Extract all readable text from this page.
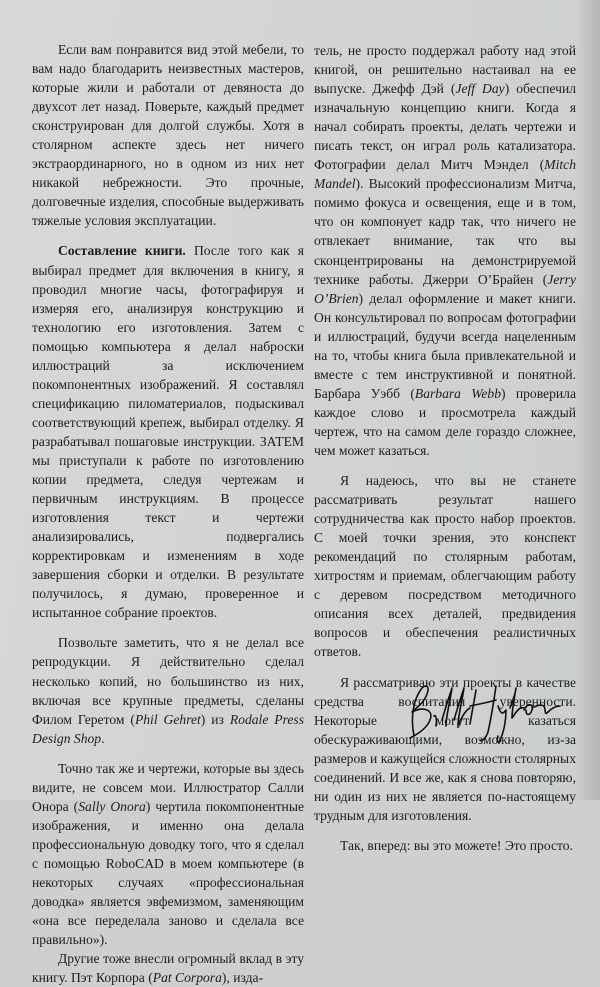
Если вам понравится вид этой мебели, то вам надо благодарить неизвестных мастеров, которые жили и работали от девяноста до двухсот лет назад. Поверьте, каждый предмет сконструирован для долгой службы. Хотя в столярном аспекте здесь нет ничего экстраординарного, но в одном из них нет никакой небрежности. Это прочные, долговечные изделия, способные выдерживать тяжелые условия эксплуатации.

Составление книги. После того как я выбирал предмет для включения в книгу, я проводил многие часы, фотографируя и измеряя его, анализируя конструкцию и технологию его изготовления. Затем с помощью компьютера я делал наброски иллюстраций за исключением покомпонентных изображений. Я составлял спецификацию пиломатериалов, подыскивал соответствующий крепеж, выбирал отделку. Я разрабатывал пошаговые инструкции. ЗАТЕМ мы приступали к работе по изготовлению копии предмета, следуя чертежам и первичным инструкциям. В процессе изготовления текст и чертежи анализировались, подвергались корректировкам и изменениям в ходе завершения сборки и отделки. В результате получилось, я думаю, проверенное и испытанное собрание проектов.

Позвольте заметить, что я не делал все репродукции. Я действительно сделал несколько копий, но большинство из них, включая все крупные предметы, сделаны Филом Геретом (Phil Gehret) из Rodale Press Design Shop.

Точно так же и чертежи, которые вы здесь видите, не совсем мои. Иллюстратор Салли Онора (Sally Onora) чертила покомпонентные изображения, и именно она делала профессиональную доводку того, что я сделал с помощью RoboCAD в моем компьютере (в некоторых случаях «профессиональная доводка» является эвфемизмом, заменяющим «она все переделала заново и сделала все правильно»).

Другие тоже внесли огромный вклад в эту книгу. Пэт Корпора (Pat Corpora), изда-

тель, не просто поддержал работу над этой книгой, он решительно настаивал на ее выпуске. Джефф Дэй (Jeff Day) обеспечил изначальную концепцию книги. Когда я начал собирать проекты, делать чертежи и писать текст, он играл роль катализатора. Фотографии делал Митч Мэндел (Mitch Mandel). Высокий профессионализм Митча, помимо фокуса и освещения, еще и в том, что он компонует кадр так, что ничего не отвлекает внимание, так что вы сконцентрированы на демонстрируемой технике работы. Джерри О’Брайен (Jerry O’Brien) делал оформление и макет книги. Он консультировал по вопросам фотографии и иллюстраций, будучи всегда нацеленным на то, чтобы книга была привлекательной и вместе с тем инструктивной и понятной. Барбара Уэбб (Barbara Webb) проверила каждое слово и просмотрела каждый чертеж, что на самом деле гораздо сложнее, чем может казаться.

Я надеюсь, что вы не станете рассматривать результат нашего сотрудничества как просто набор проектов. С моей точки зрения, это конспект рекомендаций по столярным работам, хитростям и приемам, облегчающим работу с деревом посредством методичного описания всех деталей, предвидения вопросов и обеспечения реалистичных ответов.

Я рассматриваю эти проекты в качестве средства воспитания уверенности. Некоторые могут казаться обескураживающими, возможно, из-за размеров и кажущейся сложности столярных соединений. И все же, как я снова повторяю, ни один из них не является по-настоящему трудным для изготовления.

Так, вперед: вы это можете! Это просто.
